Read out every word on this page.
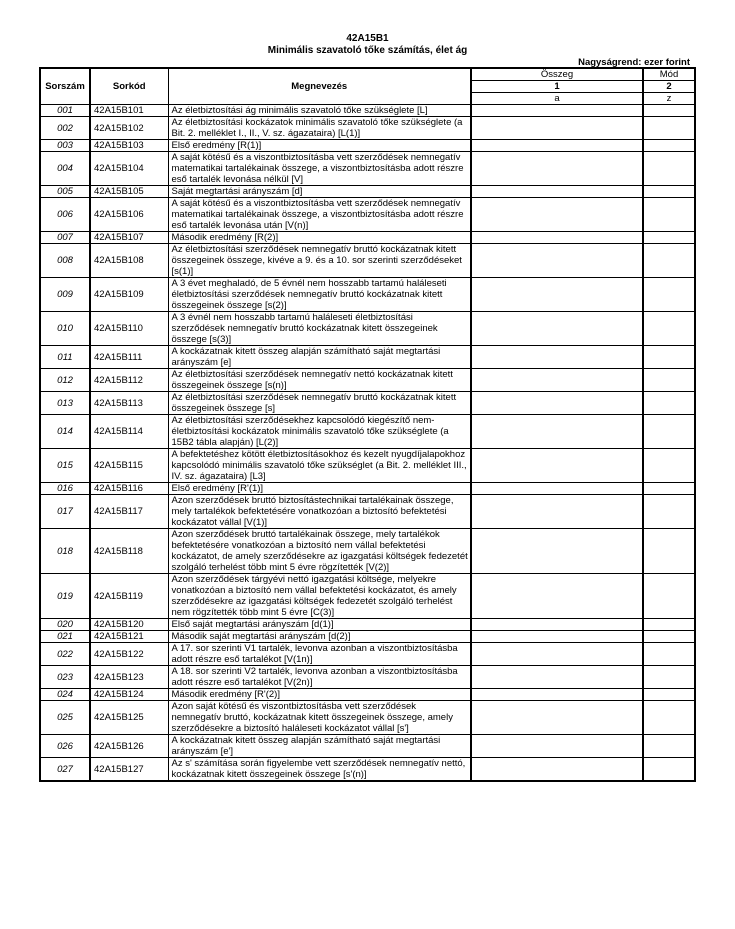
42A15B1
Minimális szavatoló tőke számítás, élet ág
Nagyságrend: ezer forint
Sorszám	Sorkód	Megnevezés	Összeg	Mód
			1	2
			a	z
001	42A15B101	Az életbiztosítási ág minimális szavatoló tőke szükséglete [L]		
002	42A15B102	Az életbiztosítási kockázatok minimális szavatoló tőke szükséglete (a Bit. 2. melléklet I., II., V. sz. ágazataira) [L(1)]		
003	42A15B103	Első eredmény [R(1)]		
004	42A15B104	A saját kötésű és a viszontbiztosításba vett szerződések nemnegatív matematikai tartalékainak összege, a viszontbiztosításba adott részre eső tartalék levonása nélkül [V]		
005	42A15B105	Saját megtartási arányszám [d]		
006	42A15B106	A saját kötésű és a viszontbiztosításba vett szerződések nemnegatív matematikai tartalékainak összege, a viszontbiztosításba adott részre eső tartalék levonása után [V(n)]		
007	42A15B107	Második eredmény [R(2)]		
008	42A15B108	Az életbiztosítási szerződések nemnegatív bruttó kockázatnak kitett összegeinek összege, kivéve a 9. és a 10. sor szerinti szerződéseket [s(1)]		
009	42A15B109	A 3 évet meghaladó, de 5 évnél nem hosszabb tartamú haláleseti életbiztosítási szerződések nemnegatív bruttó kockázatnak kitett összegeinek összege [s(2)]		
010	42A15B110	A 3 évnél nem hosszabb tartamú haláleseti életbiztosítási szerződések nemnegatív bruttó kockázatnak kitett összegeinek összege [s(3)]		
011	42A15B111	A kockázatnak kitett összeg alapján számítható saját megtartási arányszám [e]		
012	42A15B112	Az életbiztosítási szerződések nemnegatív nettó kockázatnak kitett összegeinek összege [s(n)]		
013	42A15B113	Az életbiztosítási szerződések nemnegatív bruttó kockázatnak kitett összegeinek összege [s]		
014	42A15B114	Az életbiztosítási szerződésekhez kapcsolódó kiegészítő nem-életbiztosítási kockázatok minimális szavatoló tőke szükséglete (a 15B2 tábla alapján) [L(2)]		
015	42A15B115	A befektetéshez kötött életbiztosításokhoz és kezelt nyugdíjalapokhoz kapcsolódó minimális szavatoló tőke szükséglet (a Bit. 2. melléklet III., IV. sz. ágazataira) [L3]		
016	42A15B116	Első eredmény [R'(1)]		
017	42A15B117	Azon szerződések bruttó biztosítástechnikai tartalékainak összege, mely tartalékok befektetésére vonatkozóan a biztosító befektetési kockázatot vállal [V(1)]		
018	42A15B118	Azon szerződések bruttó tartalékainak összege, mely tartalékok befektetésére vonatkozóan a biztosító nem vállal befektetési kockázatot, de amely szerződésekre az igazgatási költségek fedezetét szolgáló terhelést több mint 5 évre rögzítették [V(2)]		
019	42A15B119	Azon szerződések tárgyévi nettó igazgatási költsége, melyekre vonatkozóan a biztosító nem vállal befektetési kockázatot, és amely szerződésekre az igazgatási költségek fedezetét szolgáló terhelést nem rögzítették több mint 5 évre [C(3)]		
020	42A15B120	Első saját megtartási arányszám [d(1)]		
021	42A15B121	Második saját megtartási arányszám [d(2)]		
022	42A15B122	A 17. sor szerinti V1 tartalék, levonva azonban a viszontbiztosításba adott részre eső tartalékot [V(1n)]		
023	42A15B123	A 18. sor szerinti V2 tartalék, levonva azonban a viszontbiztosításba adott részre eső tartalékot [V(2n)]		
024	42A15B124	Második eredmény [R'(2)]		
025	42A15B125	Azon saját kötésű és viszontbiztosításba vett szerződések nemnegatív bruttó, kockázatnak kitett összegeinek összege, amely szerződésekre a biztosító haláleseti kockázatot vállal [s']		
026	42A15B126	A kockázatnak kitett összeg alapján számítható saját megtartási arányszám [e']		
027	42A15B127	Az s' számítása során figyelembe vett szerződések nemnegatív nettó, kockázatnak kitett összegeinek összege [s'(n)]		
